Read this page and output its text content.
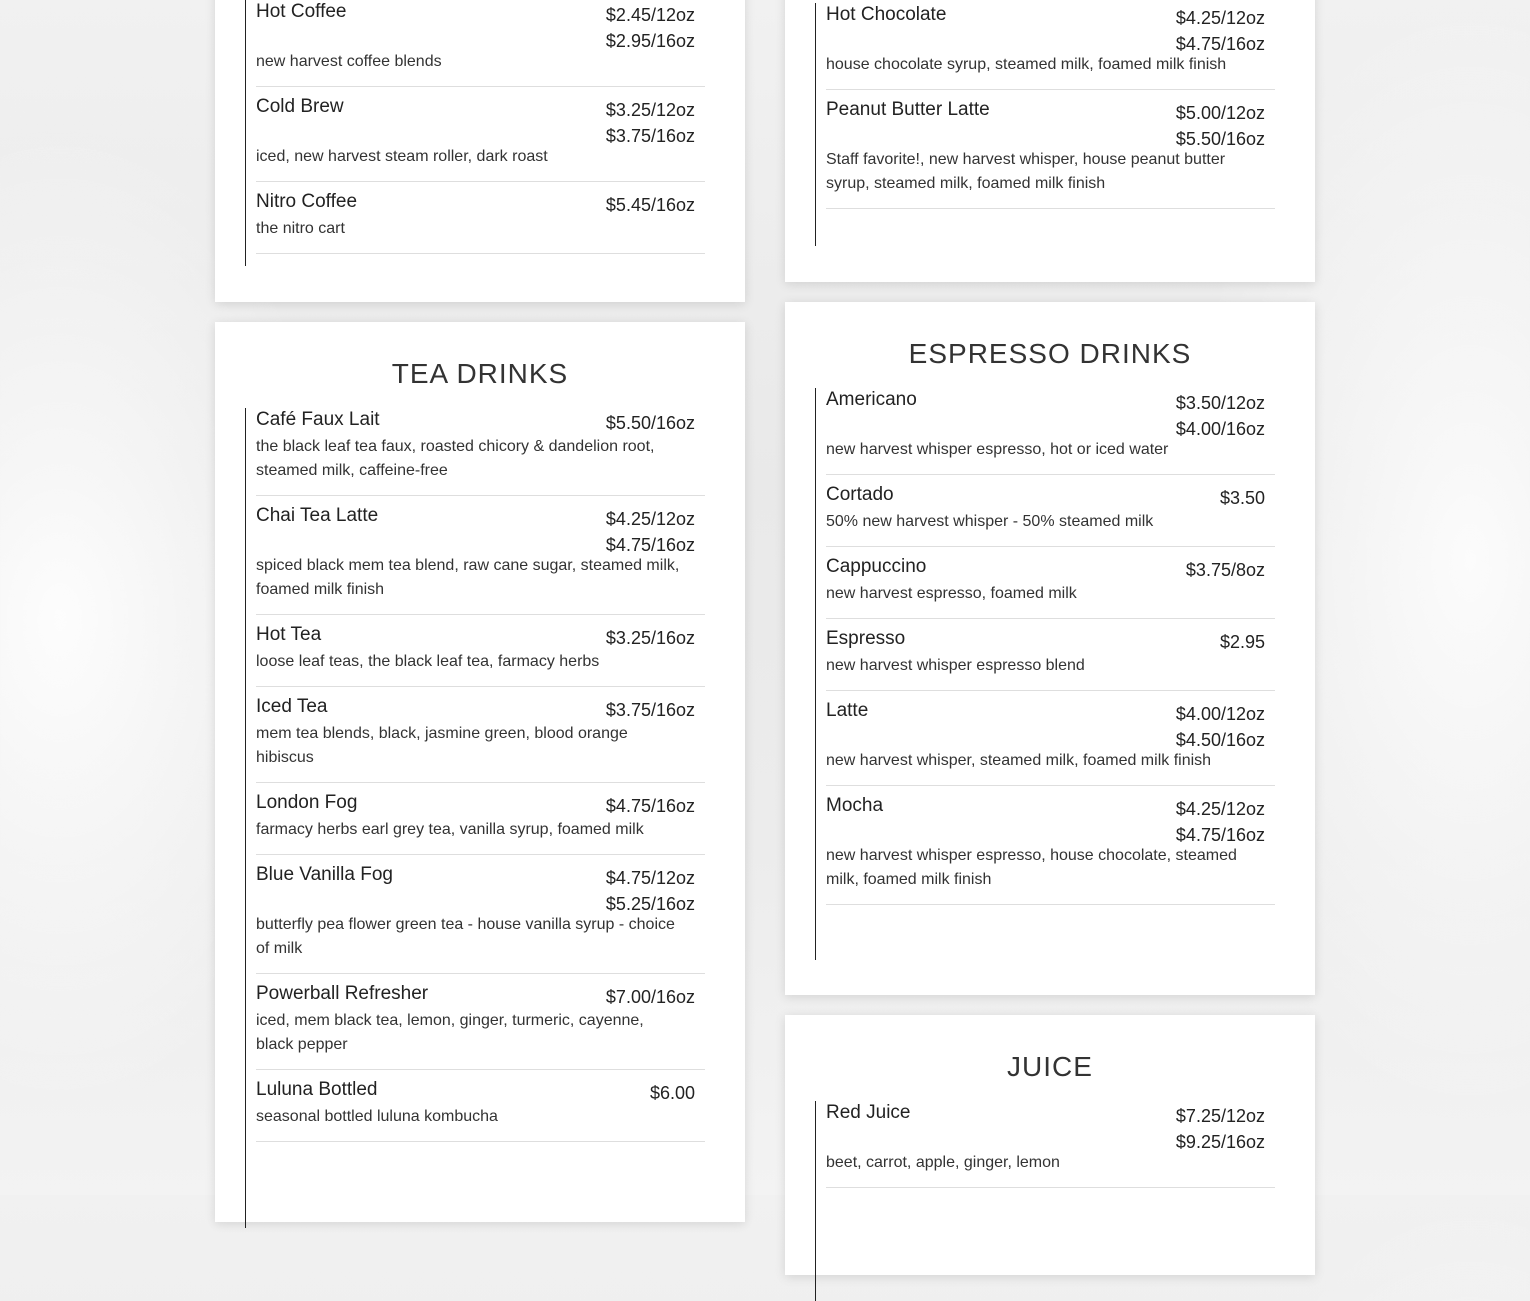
Hot Coffee	$2.45/12oz
$2.95/16oz
new harvest coffee blends
Cold Brew	$3.25/12oz
$3.75/16oz
iced, new harvest steam roller, dark roast
Nitro Coffee	$5.45/16oz
the nitro cart
Hot Chocolate	$4.25/12oz
$4.75/16oz
house chocolate syrup, steamed milk, foamed milk finish
Peanut Butter Latte	$5.00/12oz
$5.50/16oz
Staff favorite!, new harvest whisper, house peanut butter syrup, steamed milk, foamed milk finish
TEA DRINKS
Café Faux Lait	$5.50/16oz
the black leaf tea faux, roasted chicory & dandelion root, steamed milk, caffeine-free
Chai Tea Latte	$4.25/12oz
$4.75/16oz
spiced black mem tea blend, raw cane sugar, steamed milk, foamed milk finish
Hot Tea	$3.25/16oz
loose leaf teas, the black leaf tea, farmacy herbs
Iced Tea	$3.75/16oz
mem tea blends, black, jasmine green, blood orange hibiscus
London Fog	$4.75/16oz
farmacy herbs earl grey tea, vanilla syrup, foamed milk
Blue Vanilla Fog	$4.75/12oz
$5.25/16oz
butterfly pea flower green tea - house vanilla syrup - choice of milk
Powerball Refresher	$7.00/16oz
iced, mem black tea, lemon, ginger, turmeric, cayenne, black pepper
Luluna Bottled	$6.00
seasonal bottled luluna kombucha
ESPRESSO DRINKS
Americano	$3.50/12oz
$4.00/16oz
new harvest whisper espresso, hot or iced water
Cortado	$3.50
50% new harvest whisper - 50% steamed milk
Cappuccino	$3.75/8oz
new harvest espresso, foamed milk
Espresso	$2.95
new harvest whisper espresso blend
Latte	$4.00/12oz
$4.50/16oz
new harvest whisper, steamed milk, foamed milk finish
Mocha	$4.25/12oz
$4.75/16oz
new harvest whisper espresso, house chocolate, steamed milk, foamed milk finish
JUICE
Red Juice	$7.25/12oz
$9.25/16oz
beet, carrot, apple, ginger, lemon
